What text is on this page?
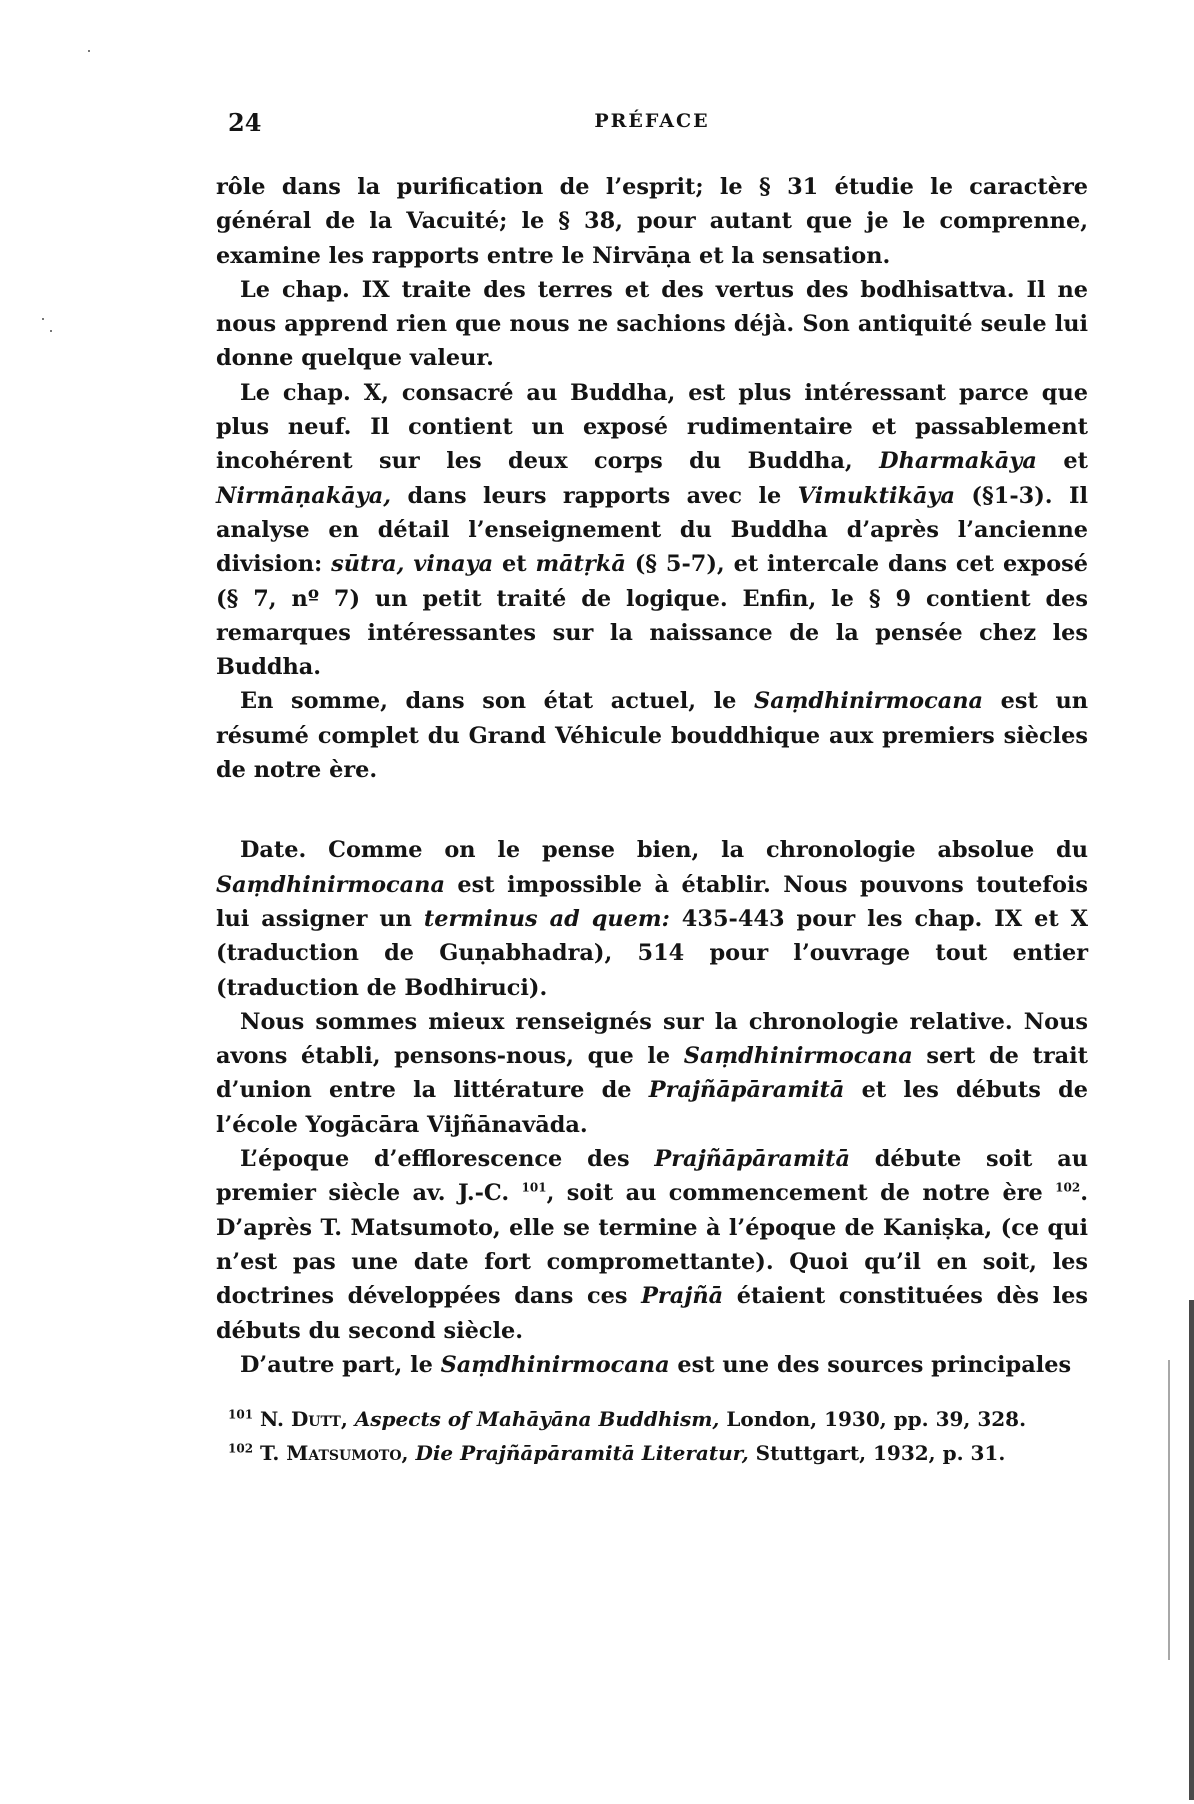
24	PRÉFACE

rôle dans la purification de l’esprit; le § 31 étudie le caractère général de la Vacuité; le § 38, pour autant que je le comprenne, examine les rapports entre le Nirvāṇa et la sensation.

Le chap. IX traite des terres et des vertus des bodhisattva. Il ne nous apprend rien que nous ne sachions déjà. Son antiquité seule lui donne quelque valeur.

Le chap. X, consacré au Buddha, est plus intéressant parce que plus neuf. Il contient un exposé rudimentaire et passablement incohérent sur les deux corps du Buddha, Dharmakāya et Nirmāṇakāya, dans leurs rapports avec le Vimuktikāya (§1-3). Il analyse en détail l’enseignement du Buddha d’après l’ancienne division: sūtra, vinaya et mātṛkā (§ 5-7), et intercale dans cet exposé (§ 7, nº 7) un petit traité de logique. Enfin, le § 9 contient des remarques intéressantes sur la naissance de la pensée chez les Buddha.

En somme, dans son état actuel, le Saṃdhinirmocana est un résumé complet du Grand Véhicule bouddhique aux premiers siècles de notre ère.

Date. Comme on le pense bien, la chronologie absolue du Saṃdhinirmocana est impossible à établir. Nous pouvons toutefois lui assigner un terminus ad quem: 435-443 pour les chap. IX et X (traduction de Guṇabhadra), 514 pour l’ouvrage tout entier (traduction de Bodhiruci).

Nous sommes mieux renseignés sur la chronologie relative. Nous avons établi, pensons-nous, que le Saṃdhinirmocana sert de trait d’union entre la littérature de Prajñāpāramitā et les débuts de l’école Yogācāra Vijñānavāda.

L’époque d’efflorescence des Prajñāpāramitā débute soit au premier siècle av. J.-C. $^{101}$, soit au commencement de notre ère $^{102}$. D’après T. Matsumoto, elle se termine à l’époque de Kaniṣka, (ce qui n’est pas une date fort compromettante). Quoi qu’il en soit, les doctrines développées dans ces Prajñā étaient constituées dès les débuts du second siècle.

D’autre part, le Saṃdhinirmocana est une des sources principales

$^{101}$ N. Dutt, Aspects of Mahāyāna Buddhism, London, 1930, pp. 39, 328.

$^{102}$ T. Matsumoto, Die Prajñāpāramitā Literatur, Stuttgart, 1932, p. 31.
